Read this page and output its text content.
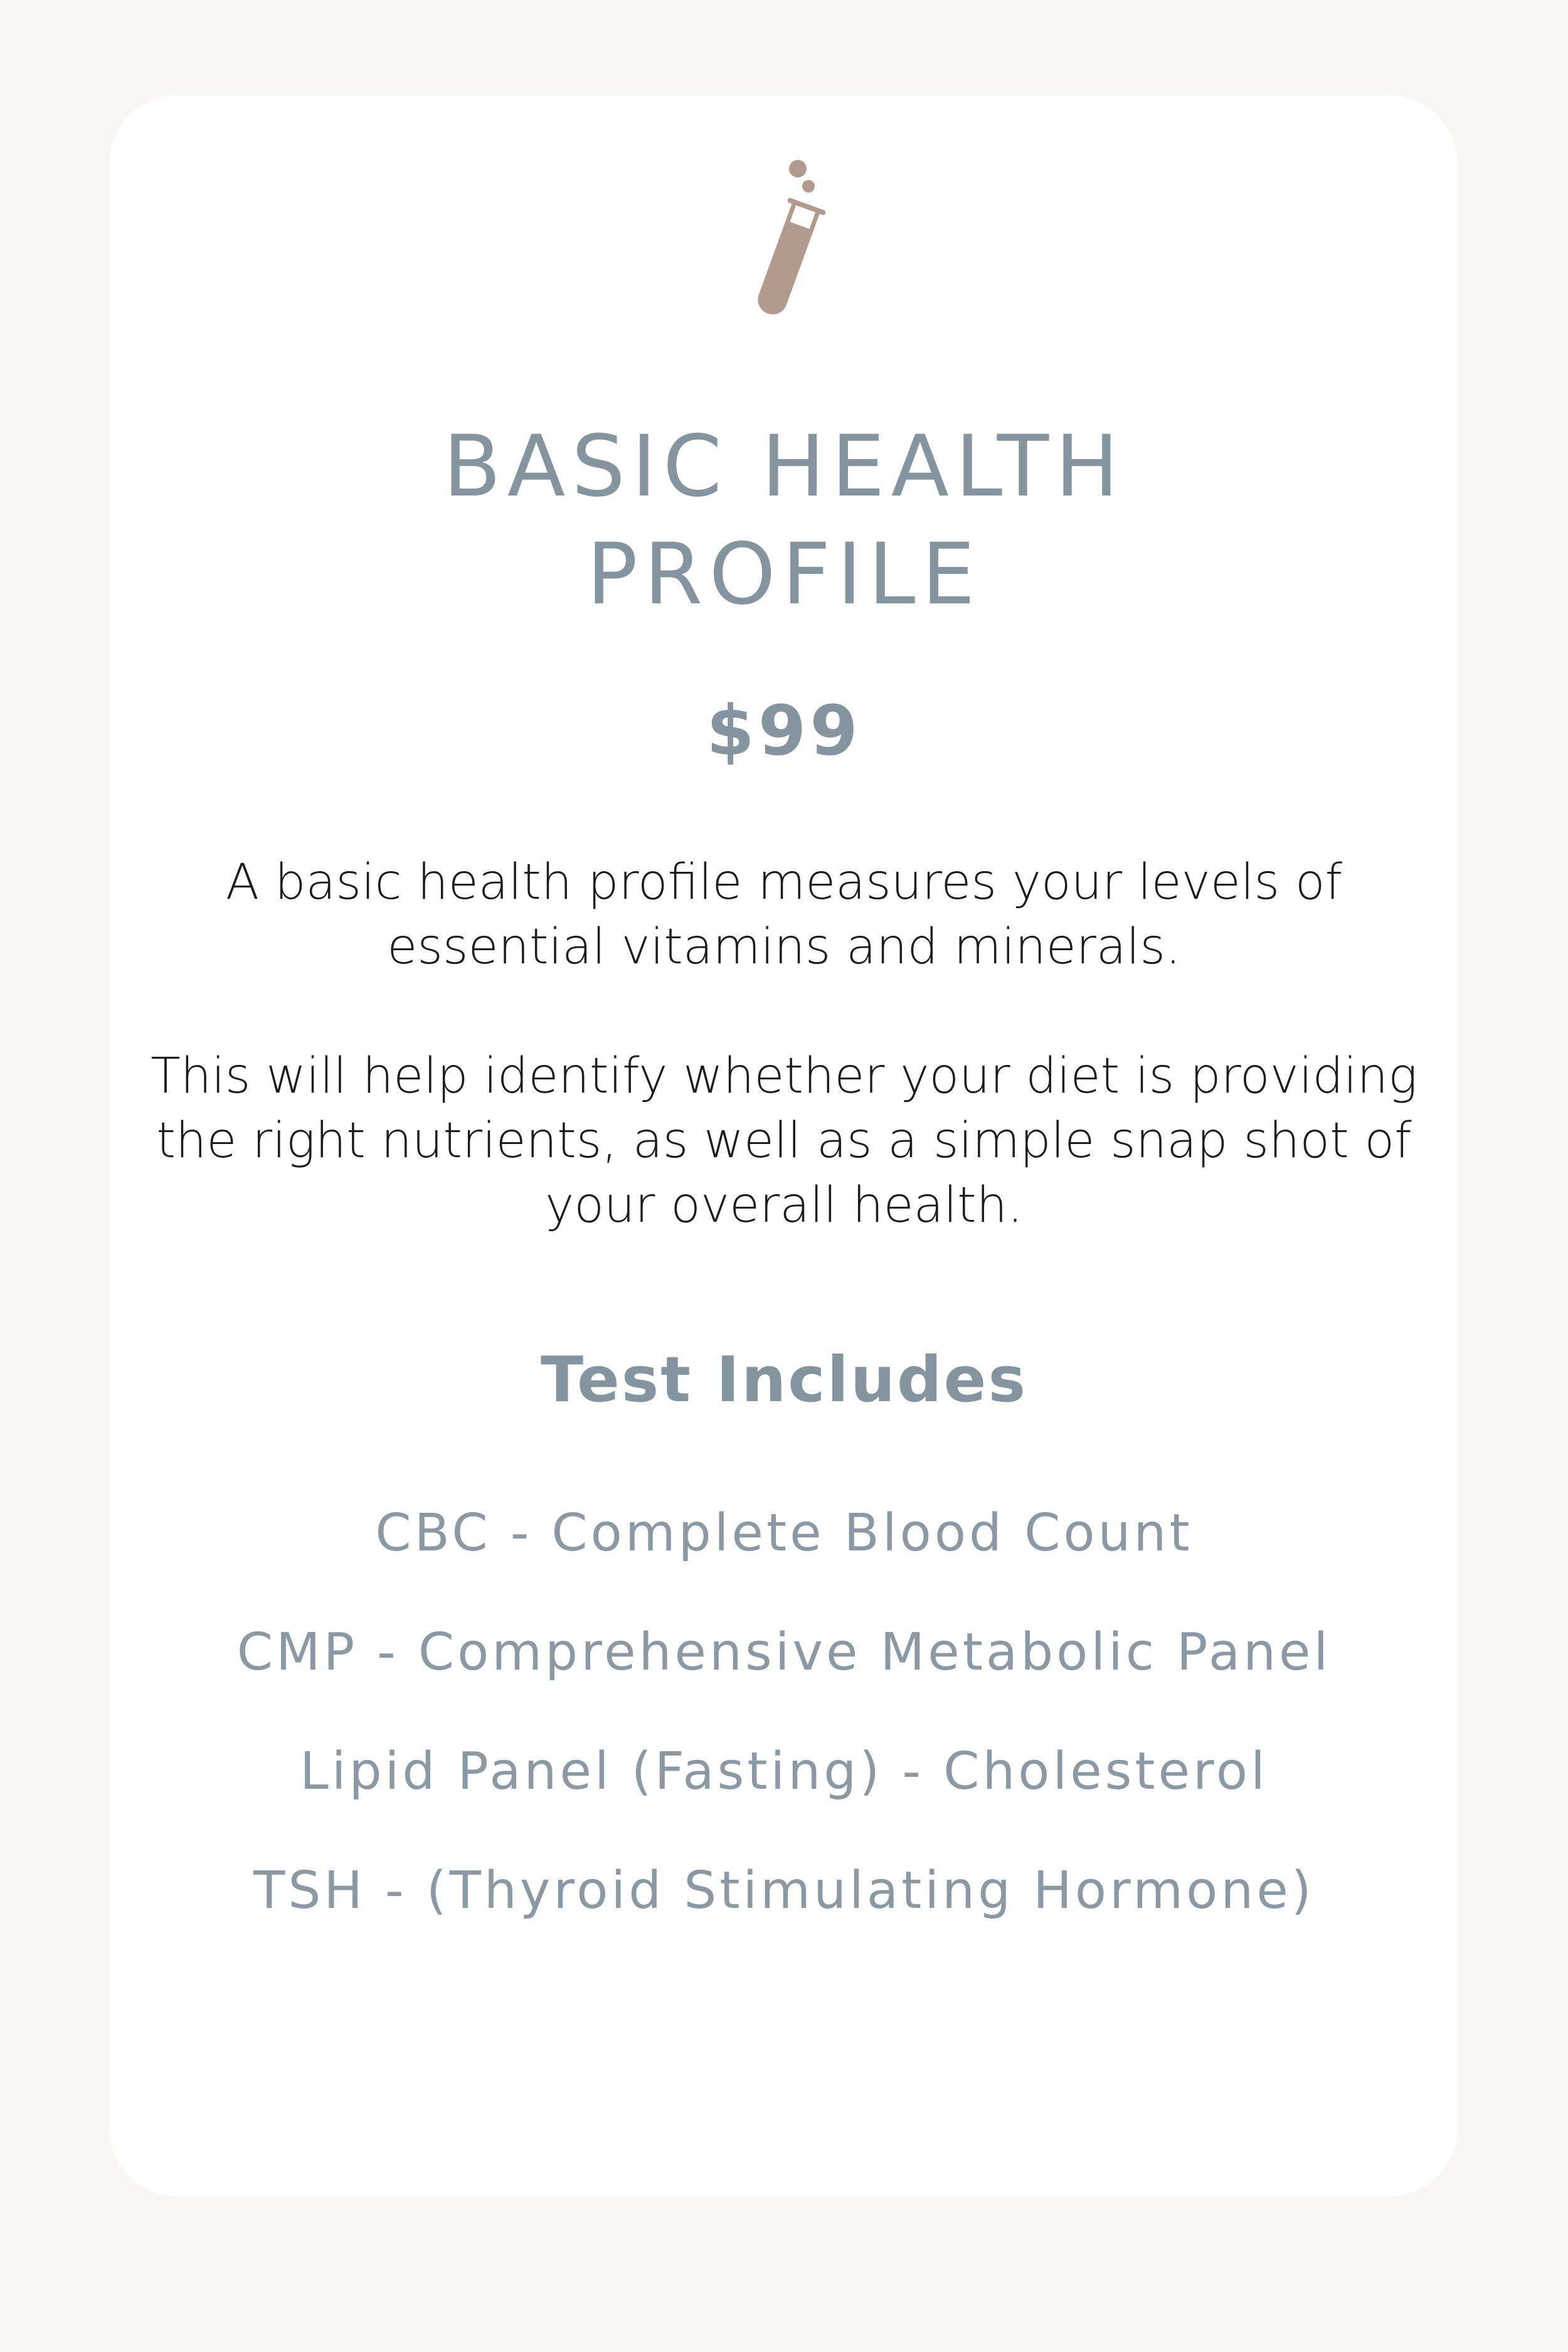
BASIC HEALTH
PROFILE
$99

A basic health profile measures your levels of essential vitamins and minerals.

This will help identify whether your diet is providing the right nutrients, as well as a simple snap shot of your overall health.

Test Includes
CBC - Complete Blood Count
CMP - Comprehensive Metabolic Panel
Lipid Panel (Fasting) - Cholesterol
TSH - (Thyroid Stimulating Hormone)
